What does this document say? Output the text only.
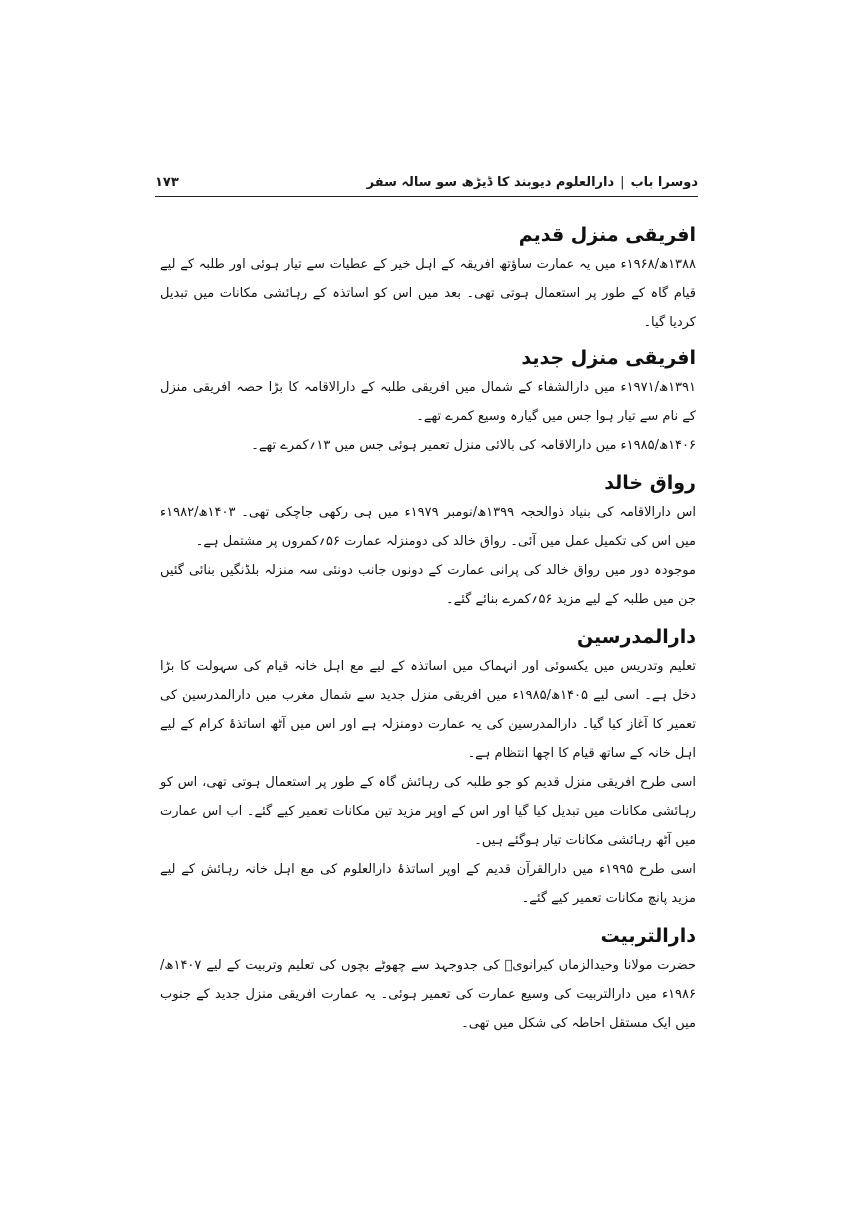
دوسرا باب
|
دارالعلوم دیوبند کا ڈیڑھ سو سالہ سفر
۱۷۳
افریقی منزل قدیم

۱۳۸۸ھ/۱۹۶۸ء میں یہ عمارت ساؤتھ افریقہ کے اہل خیر کے عطیات سے تیار ہوئی اور طلبہ کے لیے قیام گاہ کے طور پر استعمال ہوتی تھی۔ بعد میں اس کو اساتذہ کے رہائشی مکانات میں تبدیل کردیا گیا۔

افریقی منزل جدید

۱۳۹۱ھ/۱۹۷۱ء میں دارالشفاء کے شمال میں افریقی طلبہ کے دارالاقامہ کا بڑا حصہ افریقی منزل کے نام سے تیار ہوا جس میں گیارہ وسیع کمرے تھے۔

۱۴۰۶ھ/۱۹۸۵ء میں دارالاقامہ کی بالائی منزل تعمیر ہوئی جس میں ۱۳؍کمرے تھے۔

رواق خالد

اس دارالاقامہ کی بنیاد ذوالحجہ ۱۳۹۹ھ/نومبر ۱۹۷۹ء میں ہی رکھی جاچکی تھی۔ ۱۴۰۳ھ/۱۹۸۲ء میں اس کی تکمیل عمل میں آئی۔ رواق خالد کی دومنزلہ عمارت ۵۶؍کمروں پر مشتمل ہے۔

موجودہ دور میں رواق خالد کی پرانی عمارت کے دونوں جانب دونئی سہ منزلہ بلڈنگیں بنائی گئیں جن میں طلبہ کے لیے مزید ۵۶؍کمرے بنائے گئے۔

دارالمدرسین

تعلیم وتدریس میں یکسوئی اور انہماک میں اساتذہ کے لیے مع اہل خانہ قیام کی سہولت کا بڑا دخل ہے۔ اسی لیے ۱۴۰۵ھ/۱۹۸۵ء میں افریقی منزل جدید سے شمال مغرب میں دارالمدرسین کی تعمیر کا آغاز کیا گیا۔ دارالمدرسین کی یہ عمارت دومنزلہ ہے اور اس میں آٹھ اساتذۂ کرام کے لیے اہل خانہ کے ساتھ قیام کا اچھا انتظام ہے۔

اسی طرح افریقی منزل قدیم کو جو طلبہ کی رہائش گاہ کے طور پر استعمال ہوتی تھی، اس کو رہائشی مکانات میں تبدیل کیا گیا اور اس کے اوپر مزید تین مکانات تعمیر کیے گئے۔ اب اس عمارت میں آٹھ رہائشی مکانات تیار ہوگئے ہیں۔

اسی طرح ۱۹۹۵ء میں دارالقرآن قدیم کے اوپر اساتذۂ دارالعلوم کی مع اہل خانہ رہائش کے لیے مزید پانچ مکانات تعمیر کیے گئے۔

دارالتربیت

حضرت مولانا وحیدالزماں کیرانویؒ کی جدوجہد سے چھوٹے بچوں کی تعلیم وتربیت کے لیے ۱۴۰۷ھ/۱۹۸۶ء میں دارالتربیت کی وسیع عمارت کی تعمیر ہوئی۔ یہ عمارت افریقی منزل جدید کے جنوب میں ایک مستقل احاطہ کی شکل میں تھی۔
